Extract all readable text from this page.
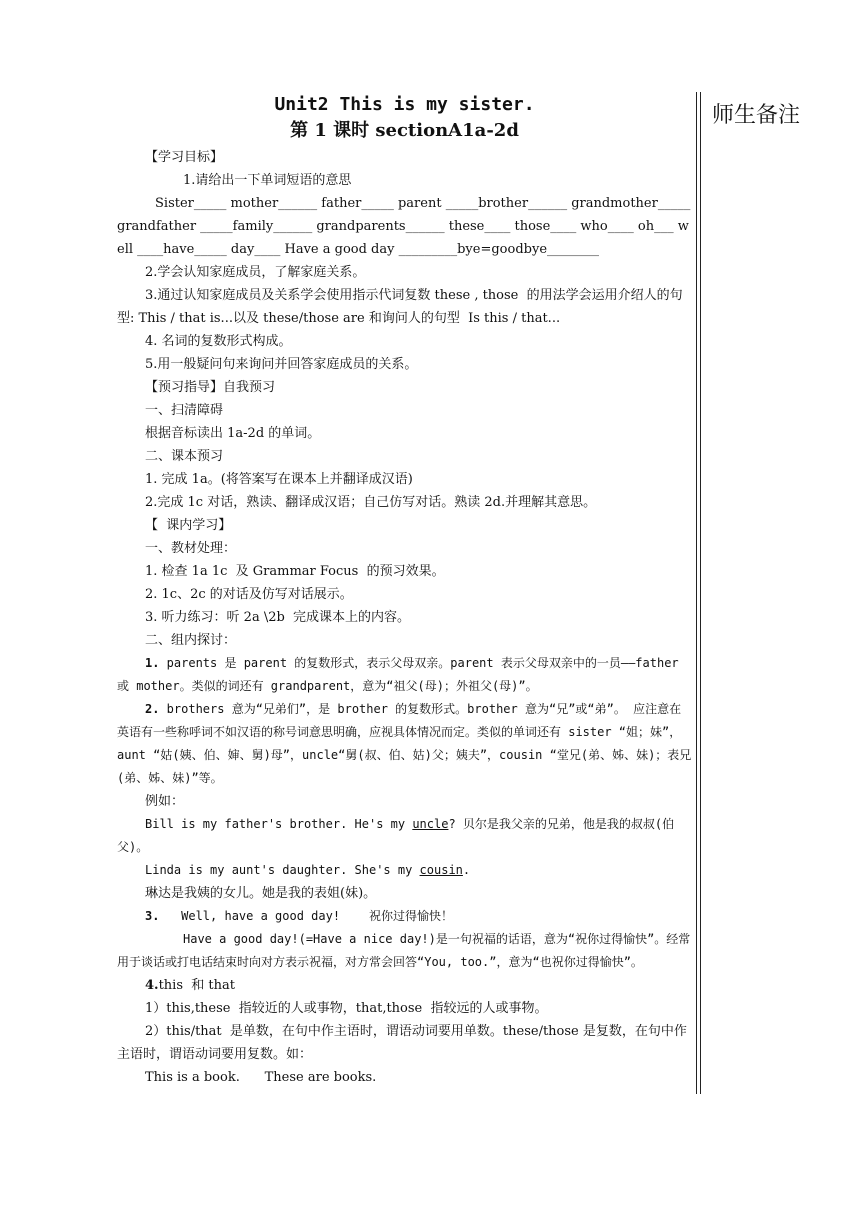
Unit2 This is my sister.
第 1 课时 sectionA1a-2d

【学习目标】

1.请给出一下单词短语的意思

Sister_____ mother______ father_____ parent _____brother______ grandmother_____ grandfather _____family______ grandparents______ these____ those____ who____ oh___ well ____have_____ day____ Have a good day _________bye=goodbye________

2.学会认知家庭成员，了解家庭关系。

3.通过认知家庭成员及关系学会使用指示代词复数 these , those  的用法学会运用介绍人的句型: This / that is...以及 these/those are 和询问人的句型  Is this / that...

4. 名词的复数形式构成。

5.用一般疑问句来询问并回答家庭成员的关系。

【预习指导】自我预习

一、扫清障碍

根据音标读出 1a-2d 的单词。

二、课本预习

1. 完成 1a。(将答案写在课本上并翻译成汉语)

2.完成 1c 对话，熟读、翻译成汉语；自己仿写对话。熟读 2d.并理解其意思。

【  课内学习】

一、教材处理：

1. 检查 1a 1c  及 Grammar Focus  的预习效果。

2. 1c、2c 的对话及仿写对话展示。

3. 听力练习：听 2a \2b  完成课本上的内容。

二、组内探讨：

1. parents 是 parent 的复数形式，表示父母双亲。parent 表示父母双亲中的一员——father 或 mother。类似的词还有 grandparent，意为“祖父(母)；外祖父(母)”。

2. brothers 意为“兄弟们”，是 brother 的复数形式。brother 意为“兄”或“弟”。 应注意在英语有一些称呼词不如汉语的称号词意思明确，应视具体情况而定。类似的单词还有 sister “姐；妹”， aunt “姑(姨、伯、婶、舅)母”，uncle“舅(叔、伯、姑)父；姨夫”，cousin “堂兄(弟、姊、妹)；表兄(弟、姊、妹)”等。

例如：

Bill is my father's brother. He's my uncle? 贝尔是我父亲的兄弟，他是我的叔叔(伯父)。

Linda is my aunt's daughter. She's my cousin.

琳达是我姨的女儿。她是我的表姐(妹)。

3.   Well, have a good day!    祝你过得愉快！

Have a good day!(=Have a nice day!)是一句祝福的话语，意为“祝你过得愉快”。经常用于谈话或打电话结束时向对方表示祝福，对方常会回答“You, too.”，意为“也祝你过得愉快”。

4.this  和 that

1）this,these  指较近的人或事物，that,those  指较远的人或事物。

2）this/that  是单数，在句中作主语时，谓语动词要用单数。these/those 是复数，在句中作主语时，谓语动词要用复数。如：

This is a book.      These are books.

师生备注
